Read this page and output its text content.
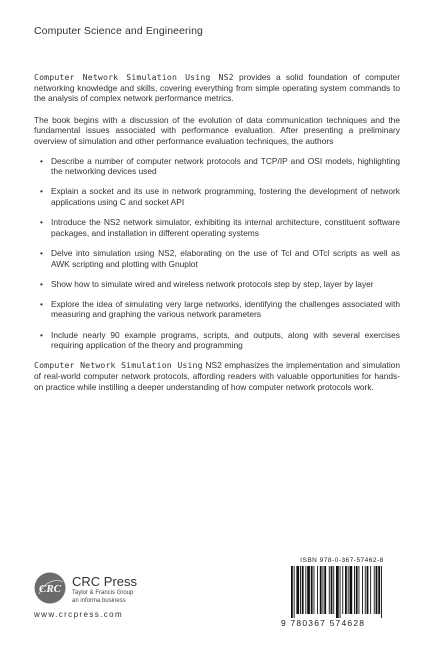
Computer Science and Engineering

Computer Network Simulation Using NS2 provides a solid foundation of computer networking knowledge and skills, covering everything from simple operating system commands to the analysis of complex network performance metrics.

The book begins with a discussion of the evolution of data communication techniques and the fundamental issues associated with performance evaluation. After presenting a preliminary overview of simulation and other performance evaluation techniques, the authors

• Describe a number of computer network protocols and TCP/IP and OSI models, highlighting the networking devices used
• Explain a socket and its use in network programming, fostering the development of network applications using C and socket API
• Introduce the NS2 network simulator, exhibiting its internal architecture, constituent software packages, and installation in different operating systems
• Delve into simulation using NS2, elaborating on the use of Tcl and OTcl scripts as well as AWK scripting and plotting with Gnuplot
• Show how to simulate wired and wireless network protocols step by step, layer by layer
• Explore the idea of simulating very large networks, identifying the challenges associated with measuring and graphing the various network parameters
• Include nearly 90 example programs, scripts, and outputs, along with several exercises requiring application of the theory and programming

Computer Network Simulation Using NS2 emphasizes the implementation and simulation of real-world computer network protocols, affording readers with valuable opportunities for hands-on practice while instilling a deeper understanding of how computer network protocols work.

CRC CRC Press
Taylor & Francis Group
an informa business
www.crcpress.com
ISBN 978-0-367-57462-8
9 780367 574628
